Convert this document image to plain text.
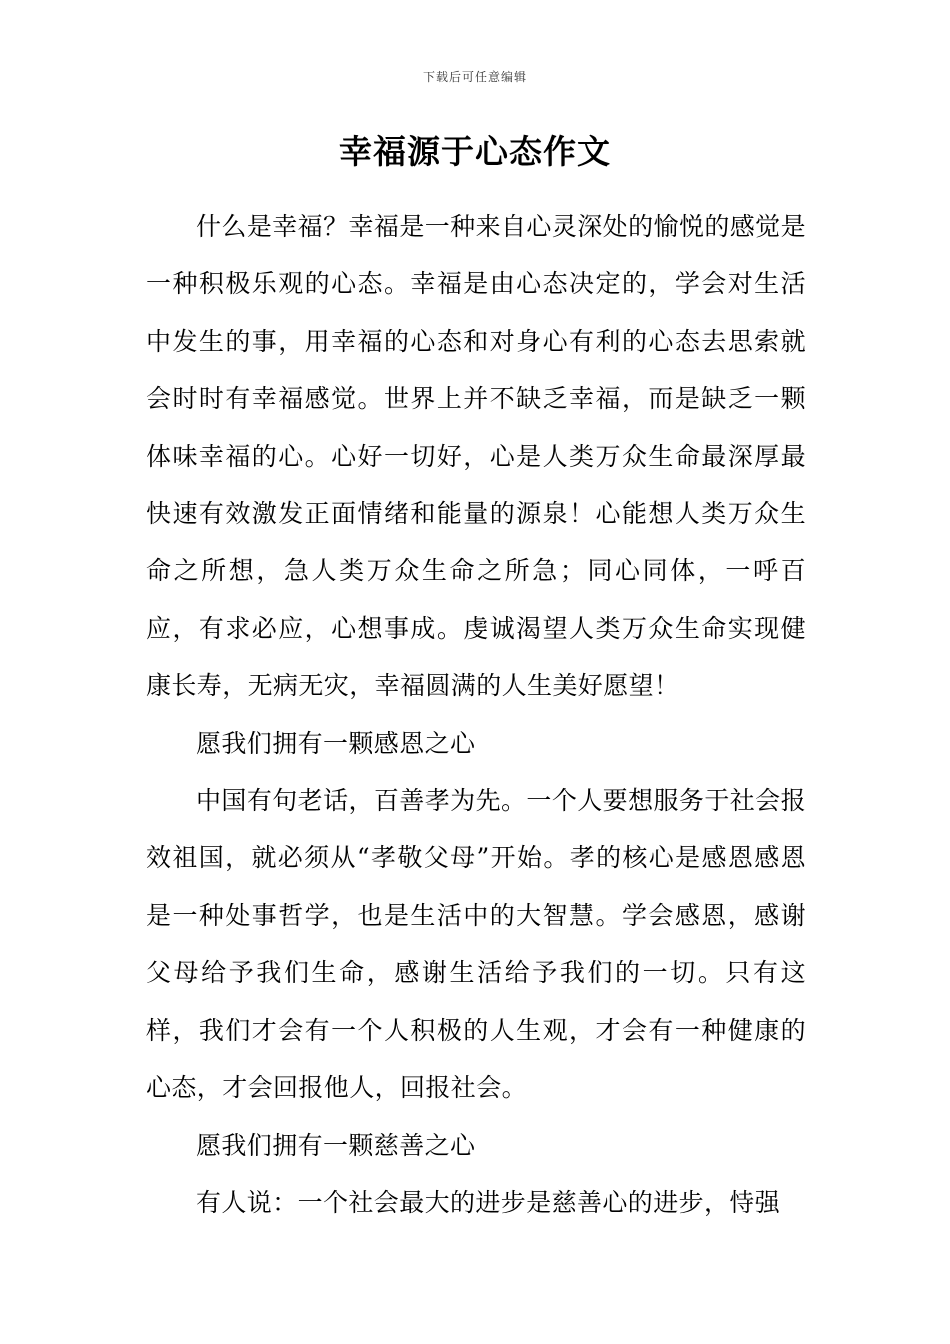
下载后可任意编辑
幸福源于心态作文

什么是幸福？幸福是一种来自心灵深处的愉悦的感觉是一种积极乐观的心态。幸福是由心态决定的，学会对生活中发生的事，用幸福的心态和对身心有利的心态去思索就会时时有幸福感觉。世界上并不缺乏幸福，而是缺乏一颗体味幸福的心。心好一切好，心是人类万众生命最深厚最快速有效激发正面情绪和能量的源泉！心能想人类万众生命之所想，急人类万众生命之所急；同心同体，一呼百应，有求必应，心想事成。虔诚渴望人类万众生命实现健康长寿，无病无灾，幸福圆满的人生美好愿望！

愿我们拥有一颗感恩之心

中国有句老话，百善孝为先。一个人要想服务于社会报效祖国，就必须从“孝敬父母”开始。孝的核心是感恩感恩是一种处事哲学，也是生活中的大智慧。学会感恩，感谢父母给予我们生命，感谢生活给予我们的一切。只有这样，我们才会有一个人积极的人生观，才会有一种健康的心态，才会回报他人，回报社会。

愿我们拥有一颗慈善之心

有人说：一个社会最大的进步是慈善心的进步，恃强
